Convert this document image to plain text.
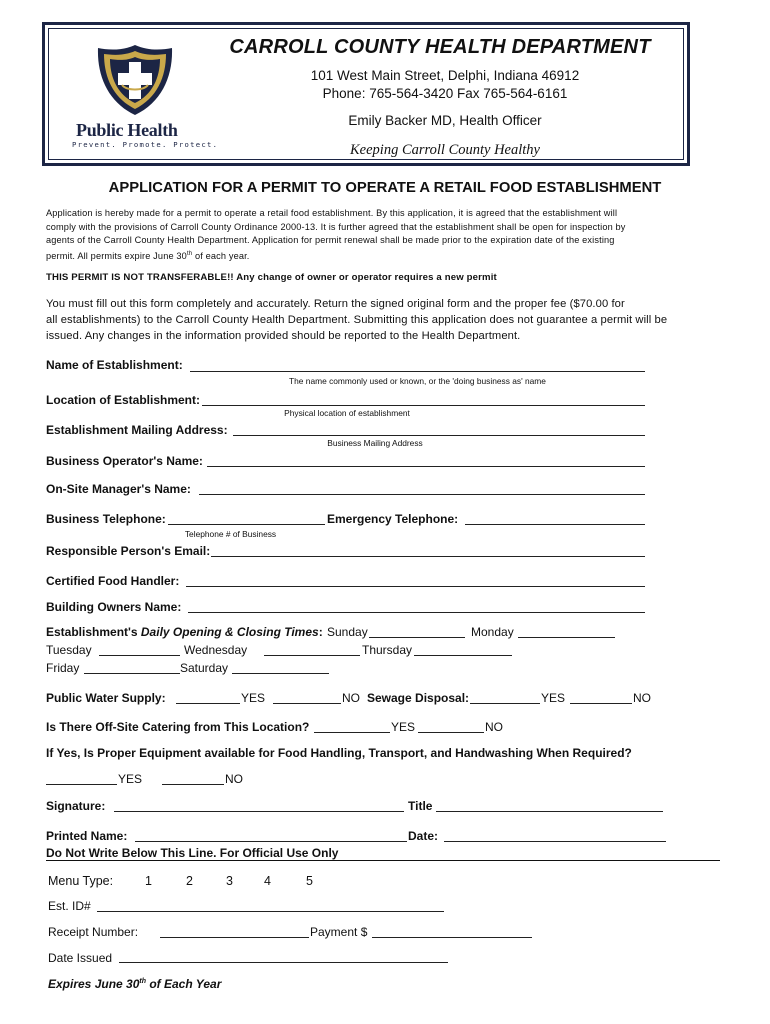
Public Health
Prevent. Promote. Protect.
CARROLL COUNTY HEALTH DEPARTMENT
101 West Main Street, Delphi, Indiana 46912
Phone: 765-564-3420 Fax 765-564-6161
Emily Backer MD, Health Officer
Keeping Carroll County Healthy
APPLICATION FOR A PERMIT TO OPERATE A RETAIL FOOD ESTABLISHMENT
Application is hereby made for a permit to operate a retail food establishment. By this application, it is agreed that the establishment will
comply with the provisions of Carroll County Ordinance 2000-13. It is further agreed that the establishment shall be open for inspection by
agents of the Carroll County Health Department. Application for permit renewal shall be made prior to the expiration date of the existing
permit. All permits expire June 30th of each year.
THIS PERMIT IS NOT TRANSFERABLE!! Any change of owner or operator requires a new permit
You must fill out this form completely and accurately. Return the signed original form and the proper fee ($70.00 for
all establishments) to the Carroll County Health Department. Submitting this application does not guarantee a permit will be
issued. Any changes in the information provided should be reported to the Health Department.
Name of Establishment:
The name commonly used or known, or the 'doing business as' name
Location of Establishment:
Physical location of establishment
Establishment Mailing Address:
Business Mailing Address
Business Operator's Name:
On-Site Manager's Name:
Business Telephone:
Telephone # of Business
Emergency Telephone:
Responsible Person's Email:
Certified Food Handler:
Building Owners Name:
Establishment's Daily Opening & Closing Times: Sunday	Monday
Tuesday	Wednesday	Thursday
Friday	Saturday
Public Water Supply:	YES	NO Sewage Disposal:	YES	NO
Is There Off-Site Catering from This Location?	YES	NO
If Yes, Is Proper Equipment available for Food Handling, Transport, and Handwashing When Required?
YES	NO
Signature:	Title
Printed Name:	Date:
Do Not Write Below This Line. For Official Use Only
Menu Type:	1	2	3 4	5
Est. ID#
Receipt Number:	Payment $
Date Issued
Expires June 30th of Each Year
